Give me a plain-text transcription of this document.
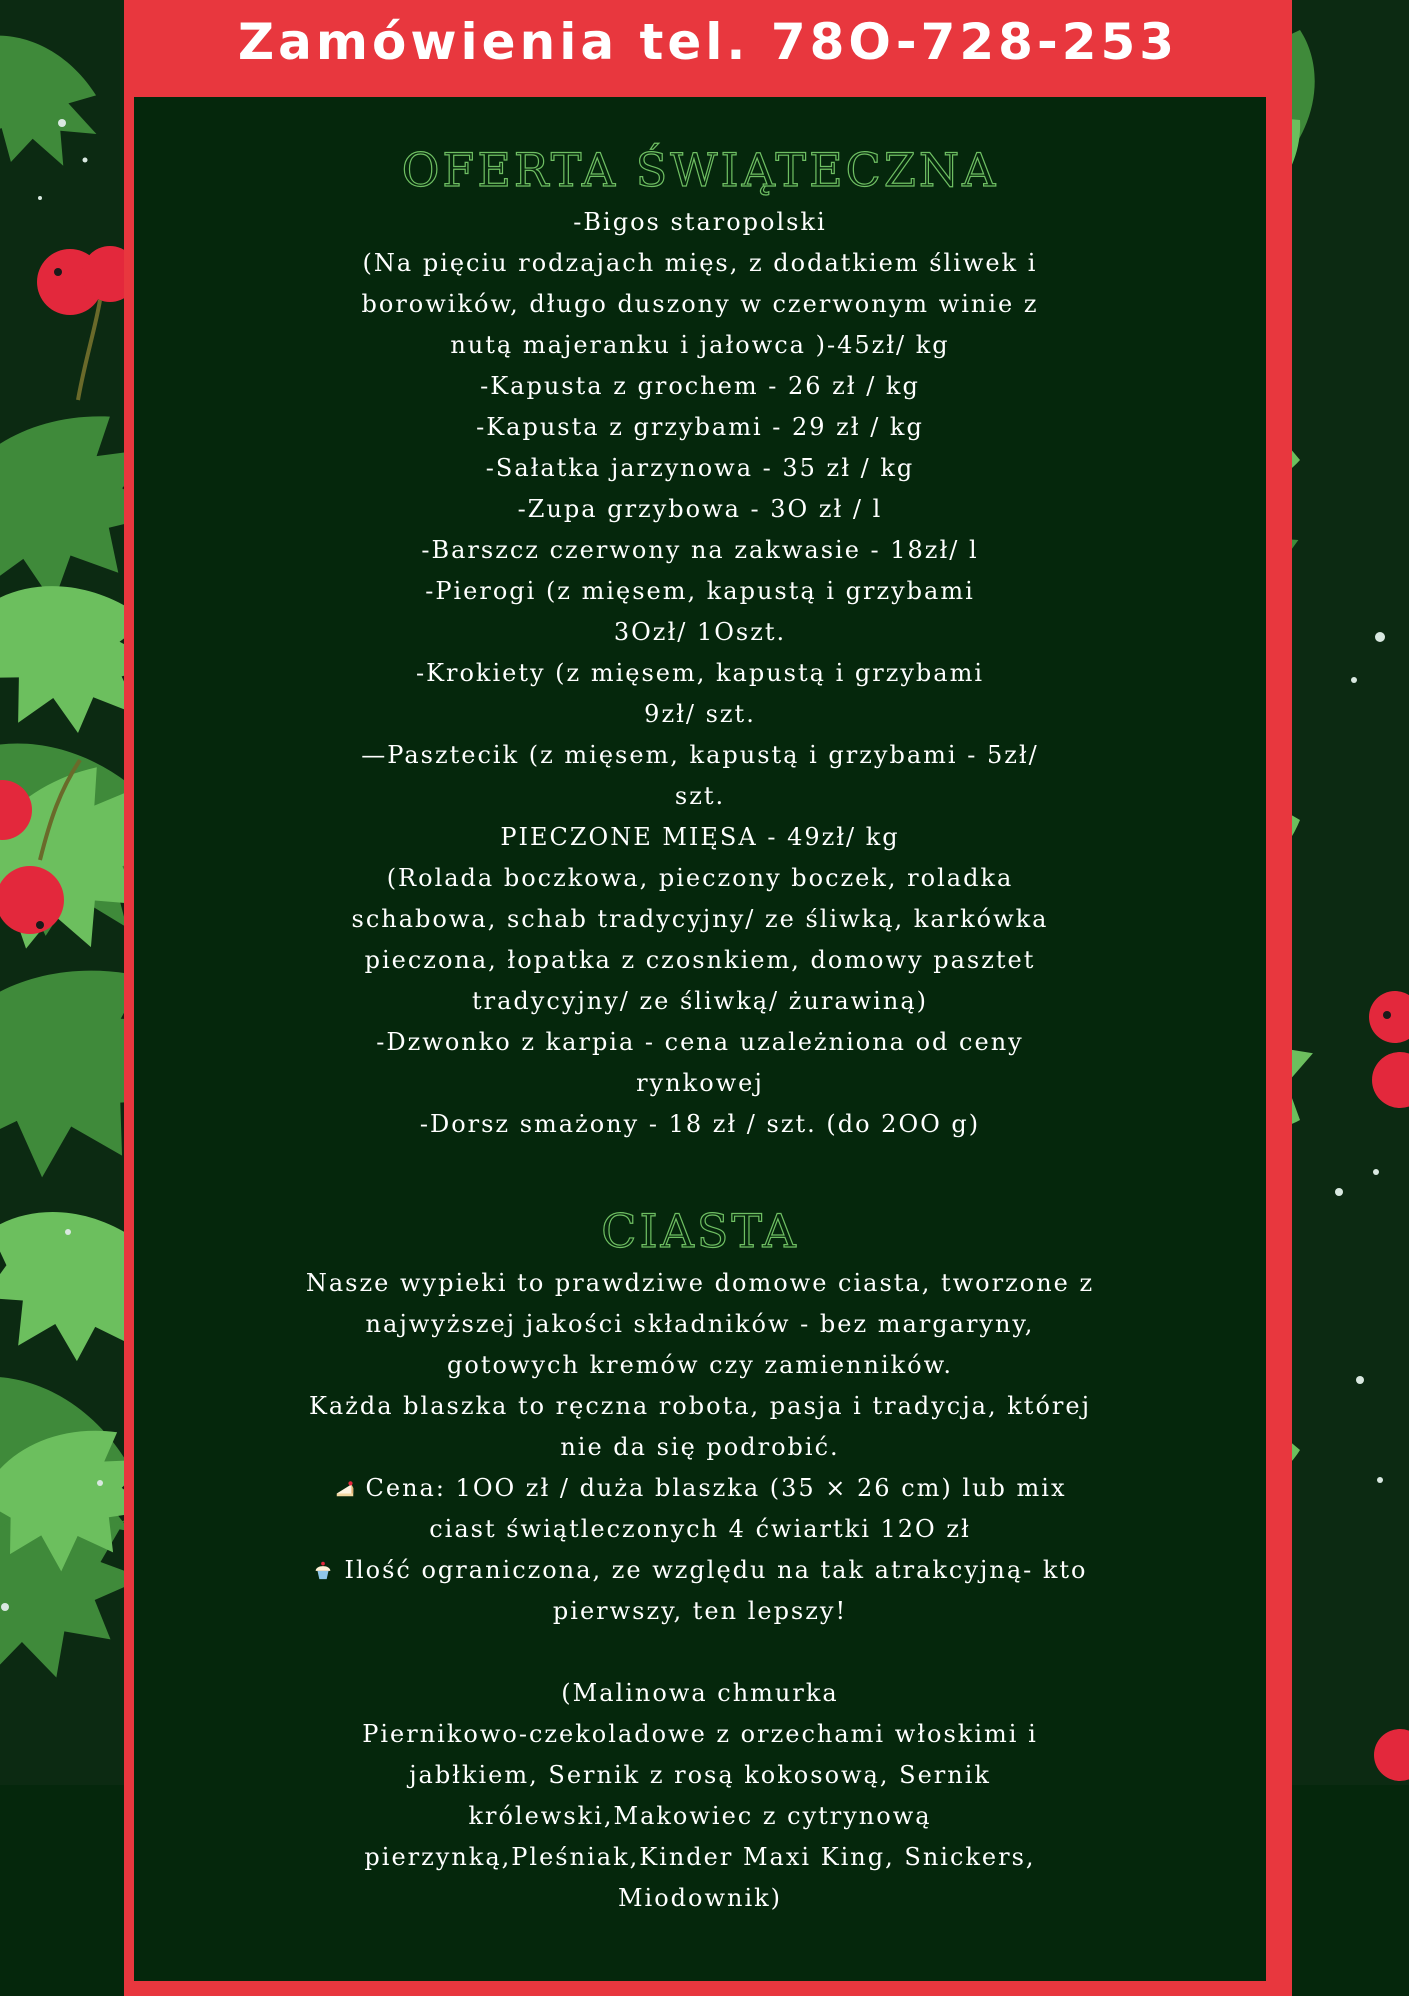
Zamówienia tel. 78O-728-253
OFERTA ŚWIĄTECZNA
-Bigos staropolski
(Na pięciu rodzajach mięs, z dodatkiem śliwek i
borowików, długo duszony w czerwonym winie z
nutą majeranku i jałowca )-45zł/ kg
-Kapusta z grochem - 26 zł / kg
-Kapusta z grzybami - 29 zł / kg
-Sałatka jarzynowa - 35 zł / kg
-Zupa grzybowa - 3O zł / l
-Barszcz czerwony na zakwasie - 18zł/ l
-Pierogi (z mięsem, kapustą i grzybami
3Ozł/ 1Oszt.
-Krokiety (z mięsem, kapustą i grzybami
9zł/ szt.
—Pasztecik (z mięsem, kapustą i grzybami - 5zł/
szt.
PIECZONE MIĘSA - 49zł/ kg
(Rolada boczkowa, pieczony boczek, roladka
schabowa, schab tradycyjny/ ze śliwką, karkówka
pieczona, łopatka z czosnkiem, domowy pasztet
tradycyjny/ ze śliwką/ żurawiną)
-Dzwonko z karpia - cena uzależniona od ceny
rynkowej
-Dorsz smażony - 18 zł / szt. (do 2OO g)
CIASTA
Nasze wypieki to prawdziwe domowe ciasta, tworzone z
najwyższej jakości składników - bez margaryny,
gotowych kremów czy zamienników.
Każda blaszka to ręczna robota, pasja i tradycja, której
nie da się podrobić.
Cena: 1OO zł / duża blaszka (35 × 26 cm) lub mix
ciast świątleczonych 4 ćwiartki 12O zł
Ilość ograniczona, ze względu na tak atrakcyjną- kto
pierwszy, ten lepszy!
(Malinowa chmurka
Piernikowo-czekoladowe z orzechami włoskimi i
jabłkiem, Sernik z rosą kokosową, Sernik
królewski,Makowiec z cytrynową
pierzynką,Pleśniak,Kinder Maxi King, Snickers,
Miodownik)
